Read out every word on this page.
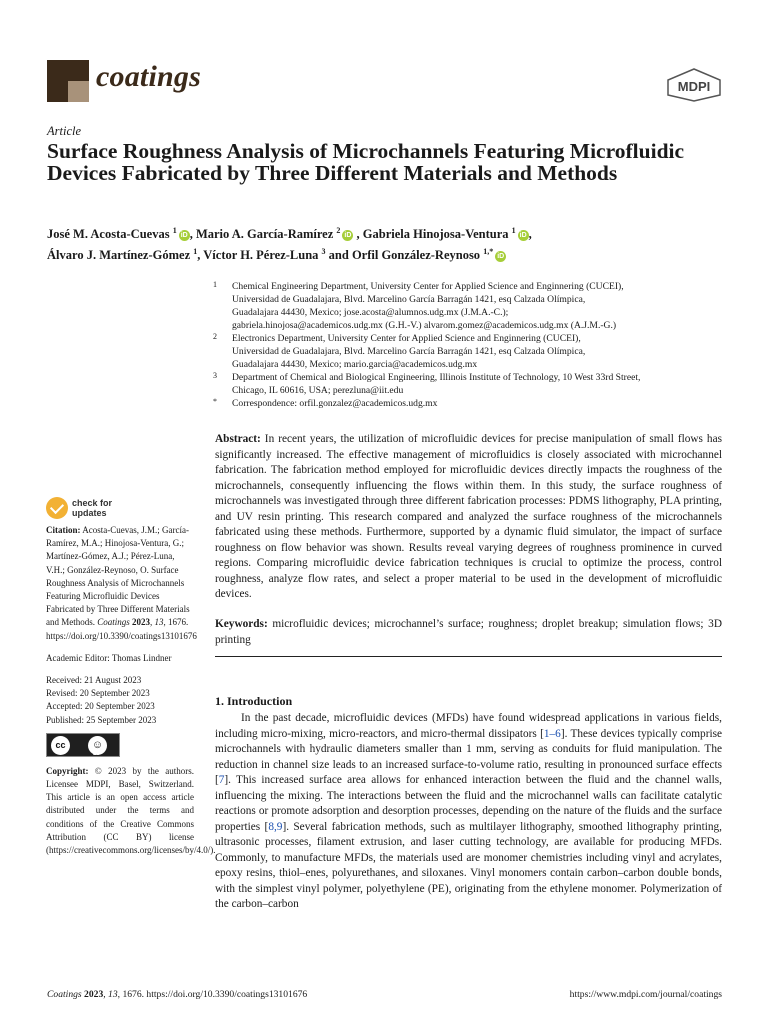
coatings	MDPI
Article
Surface Roughness Analysis of Microchannels Featuring Microfluidic Devices Fabricated by Three Different Materials and Methods
José M. Acosta-Cuevas $^1$iD , Mario A. García-Ramírez $^2$iD , Gabriela Hinojosa-Ventura $^1$iD ,
Álvaro J. Martínez-Gómez $^1$, Víctor H. Pérez-Luna $^3$ and Orfil González-Reynoso $^{1,*}$iD
1 Chemical Engineering Department, University Center for Applied Science and Enginnering (CUCEI),
Universidad de Guadalajara, Blvd. Marcelino García Barragán 1421, esq Calzada Olímpica,
Guadalajara 44430, Mexico; jose.acosta@alumnos.udg.mx (J.M.A.-C.);
gabriela.hinojosa@academicos.udg.mx (G.H.-V.) alvarom.gomez@academicos.udg.mx (A.J.M.-G.)
2 Electronics Department, University Center for Applied Science and Enginnering (CUCEI),
Universidad de Guadalajara, Blvd. Marcelino García Barragán 1421, esq Calzada Olímpica,
Guadalajara 44430, Mexico; mario.garcia@academicos.udg.mx
3 Department of Chemical and Biological Engineering, Illinois Institute of Technology, 10 West 33rd Street,
Chicago, IL 60616, USA; perezluna@iit.edu
* Correspondence: orfil.gonzalez@academicos.udg.mx
Abstract: In recent years, the utilization of microfluidic devices for precise manipulation of small flows has significantly increased. The effective management of microfluidics is closely associated with microchannel fabrication. The fabrication method employed for microfluidic devices directly impacts the roughness of the microchannels, consequently influencing the flows within them. In this study, the surface roughness of microchannels was investigated through three different fabrication processes: PDMS lithography, PLA printing, and UV resin printing. This research compared and analyzed the surface roughness of the microchannels fabricated using these methods. Furthermore, supported by a dynamic fluid simulator, the impact of surface roughness on flow behavior was shown. Results reveal varying degrees of roughness prominence in curved regions. Comparing microfluidic device fabrication techniques is crucial to optimize the process, control roughness, analyze flow rates, and select a proper material to be used in the development of microfluidic devices.
Keywords: microfluidic devices; microchannel’s surface; roughness; droplet breakup; simulation flows; 3D printing
1. Introduction
In the past decade, microfluidic devices (MFDs) have found widespread applications in various fields, including micro-mixing, micro-reactors, and micro-thermal dissipators [1–6]. These devices typically comprise microchannels with hydraulic diameters smaller than 1 mm, serving as conduits for fluid manipulation. The reduction in channel size leads to an increased surface-to-volume ratio, resulting in pronounced surface effects [7]. This increased surface area allows for enhanced interaction between the fluid and the channel walls, influencing the mixing. The interactions between the fluid and the microchannel walls can facilitate catalytic reactions or promote adsorption and desorption processes, depending on the nature of the fluids and the surface properties [8,9]. Several fabrication methods, such as multilayer lithography, smoothed lithography printing, ultrasonic processes, filament extrusion, and laser cutting technology, are available for producing MFDs. Commonly, to manufacture MFDs, the materials used are monomer chemistries including vinyl and acrylates, epoxy resins, thiol–enes, polyurethanes, and siloxanes. Vinyl monomers contain carbon–carbon double bonds, with the simplest vinyl polymer, polyethylene (PE), originating from the ethylene monomer. Polymerization of the carbon–carbon
check for
updates

Citation: Acosta-Cuevas, J.M.; García-Ramírez, M.A.; Hinojosa-Ventura, G.; Martínez-Gómez, A.J.; Pérez-Luna, V.H.; González-Reynoso, O. Surface Roughness Analysis of Microchannels Featuring Microfluidic Devices Fabricated by Three Different Materials and Methods. Coatings 2023, 13, 1676. https://doi.org/10.3390/coatings13101676

Academic Editor: Thomas Lindner

Received: 21 August 2023

Revised: 20 September 2023

Accepted: 20 September 2023

Published: 25 September 2023

cc	☺
BY

Copyright: © 2023 by the authors. Licensee MDPI, Basel, Switzerland. This article is an open access article distributed under the terms and conditions of the Creative Commons Attribution (CC BY) license (https://creativecommons.org/licenses/by/4.0/).

Coatings 2023, 13, 1676. https://doi.org/10.3390/coatings13101676	https://www.mdpi.com/journal/coatings
